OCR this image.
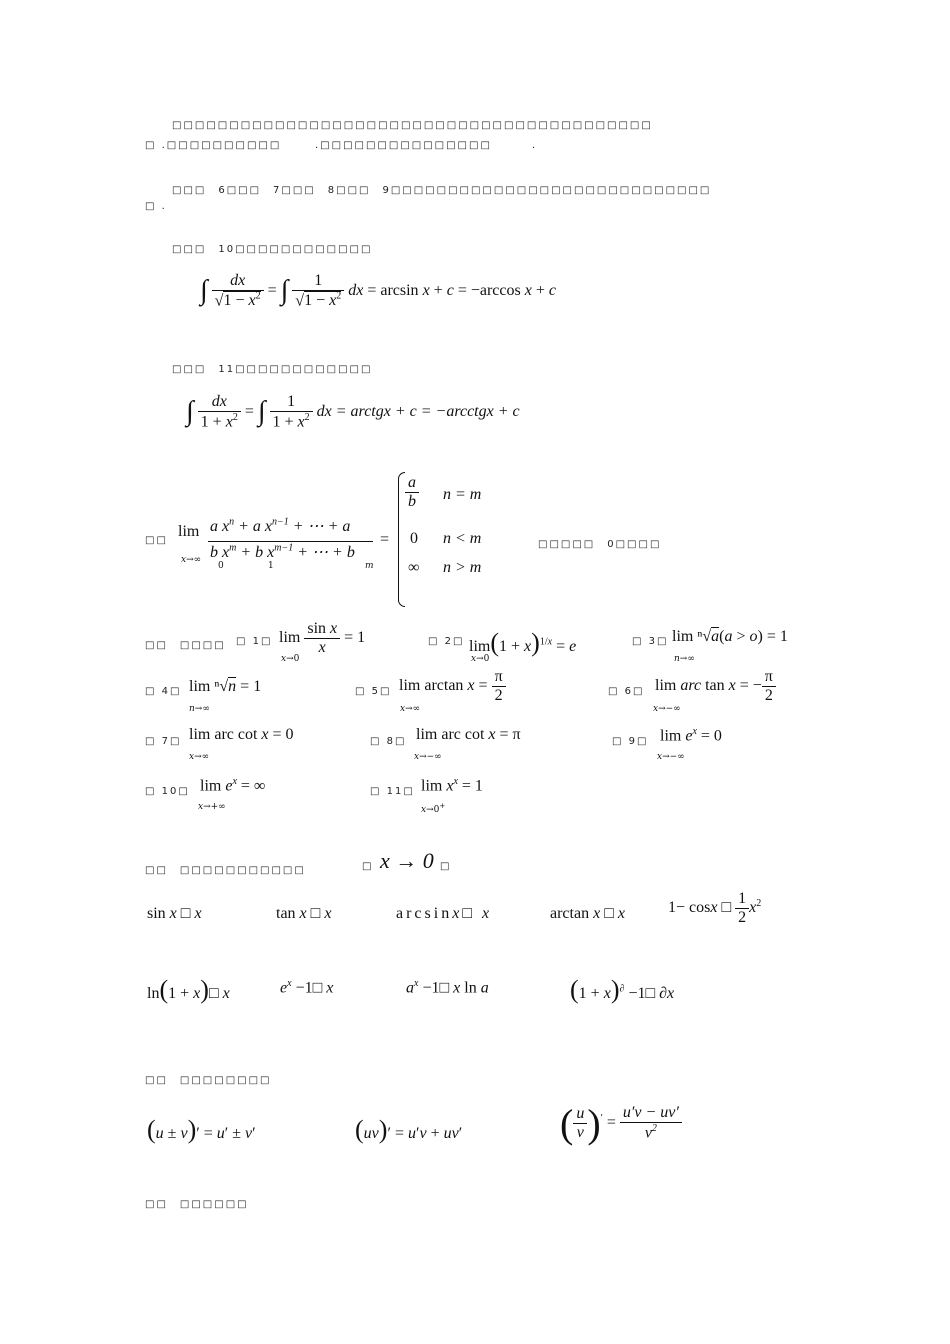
□□□□□□□□□□□□□□□□□□□□□□□□□□□□□□□□□□□□□□□□□□
□ .□□□□□□□□□□	.□□□□□□□□□□□□□□□	.
□□□　6□□□　7□□□　8□□□　9□□□□□□□□□□□□□□□□□□□□□□□□□□□□
□ .
□□□　10□□□□□□□□□□□□
∫ $\frac{dx}{√1 - x^2}$ = ∫ $\frac{1}{√1 - x^2}$ dx = arcsin x + c = −arccos x + c
□□□　11□□□□□□□□□□□□
∫ $\frac{dx}{1 + x^2}$ = ∫ $\frac{1}{1 + x^2}$ dx = arctgx + c = −arcctgx + c
□□
lim
x→∞
a $x^n + a$ $x^{n-1}$ + ⋯ + a
b $x^m + b$ $x^{m-1}$ + ⋯ + b
0	1	m
=
$\frac{a}{b}$ n = m
0 n < m
∞ n > m
□□□□□　0□□□□
□□　□□□□ □ 1□ $\lim \frac{\text{sin x}}{x} = 1$
x→0
□ 2□ $\lim(1 + x)^{1/x} = e$
x→0
□ 3□ lim ⁿ√a(a > o) = 1
n→∞
□ 4□ lim ⁿ√n = 1
n→∞
□ 5□ $\lim \arctan x = \frac{\pi}{2}$
x→∞
□ 6□ lim arc tan x = − $\frac{\pi}{2}$
x→−∞
□ 7□ lim arc cot x = 0
x→∞
□ 8□ lim arc cot x = π
x→−∞
□ 9□ $\lim e^x = 0$
x→−∞
□ 10□ $\lim e^x$ = ∞
x→+∞
□ 11□ $\lim x^x = 1$
x→0+
□□　□□□□□□□□□□□	□ x → 0 □
sin x □ x	tan x □ x	arcsinx□ x	arctan x □ x	1− cosx □ $\frac{1}{2} x^2$
ln(1 + x)□ x	$e^x$ −1□ x	$a^x$ −1□ x ln a	(1 + x)∂ −1□ ∂x
□□　□□□□□□□□
(u ± v)′ = u′ ± v′	(uv)′ = u′v + uv′ ( $\frac{u}{v} )' = \frac{u'v - uv'}{v^2}$
□□　□□□□□□
